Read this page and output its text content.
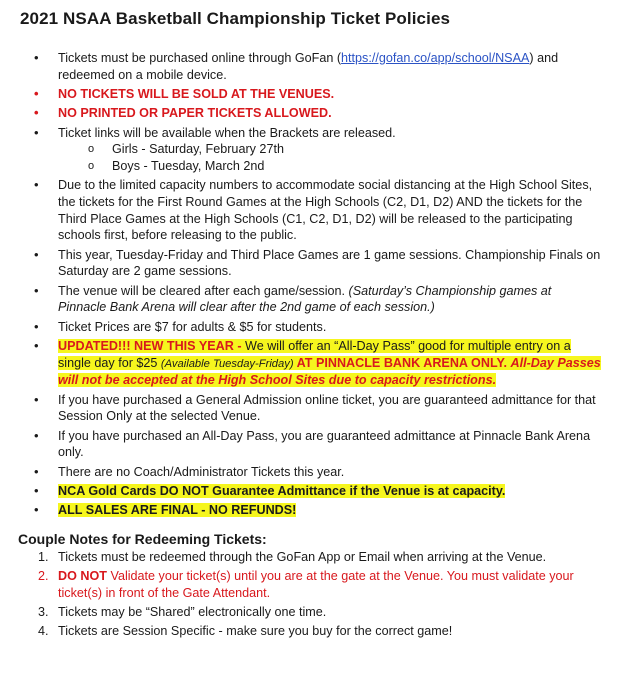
2021 NSAA Basketball Championship Ticket Policies
• Tickets must be purchased online through GoFan (https://gofan.co/app/school/NSAA) and redeemed on a mobile device.
• NO TICKETS WILL BE SOLD AT THE VENUES.
• NO PRINTED OR PAPER TICKETS ALLOWED.
• Ticket links will be available when the Brackets are released.
o Girls - Saturday, February 27th
o Boys - Tuesday, March 2nd
• Due to the limited capacity numbers to accommodate social distancing at the High School Sites, the tickets for the First Round Games at the High Schools (C2, D1, D2) AND the tickets for the Third Place Games at the High Schools (C1, C2, D1, D2) will be released to the participating schools first, before releasing to the public.
• This year, Tuesday-Friday and Third Place Games are 1 game sessions. Championship Finals on Saturday are 2 game sessions.
• The venue will be cleared after each game/session. (Saturday’s Championship games at Pinnacle Bank Arena will clear after the 2nd game of each session.)
• Ticket Prices are $7 for adults & $5 for students.
• UPDATED!!! NEW THIS YEAR - We will offer an “All-Day Pass” good for multiple entry on a single day for $25 (Available Tuesday-Friday) AT PINNACLE BANK ARENA ONLY. All-Day Passes will not be accepted at the High School Sites due to capacity restrictions.
• If you have purchased a General Admission online ticket, you are guaranteed admittance for that Session Only at the selected Venue.
• If you have purchased an All-Day Pass, you are guaranteed admittance at Pinnacle Bank Arena only.
• There are no Coach/Administrator Tickets this year.
• NCA Gold Cards DO NOT Guarantee Admittance if the Venue is at capacity.
• ALL SALES ARE FINAL - NO REFUNDS!
Couple Notes for Redeeming Tickets:
1. Tickets must be redeemed through the GoFan App or Email when arriving at the Venue.
2. DO NOT Validate your ticket(s) until you are at the gate at the Venue. You must validate your ticket(s) in front of the Gate Attendant.
3. Tickets may be “Shared” electronically one time.
4. Tickets are Session Specific - make sure you buy for the correct game!
